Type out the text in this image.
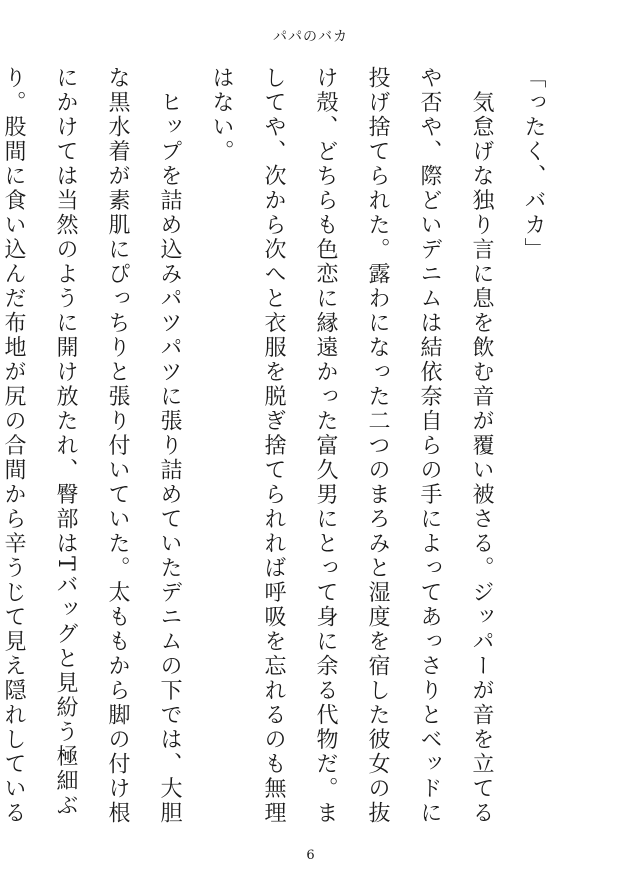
パパのバカ

「ったく、バカ」

　気怠げな独り言に息を飲む音が覆い被さる。ジッパーが音を立てるや否や、際どいデニムは結依奈自らの手によってあっさりとベッドに投げ捨てられた。露わになった二つのまろみと湿度を宿した彼女の抜け殻、どちらも色恋に縁遠かった富久男にとって身に余る代物だ。ましてや、次から次へと衣服を脱ぎ捨てられれば呼吸を忘れるのも無理はない。

　ヒップを詰め込みパツパツに張り詰めていたデニムの下では、大胆な黒水着が素肌にぴっちりと張り付いていた。太ももから脚の付け根にかけては当然のように開け放たれ、臀部はTバッグと見紛う極細ぶり。股間に食い込んだ布地が尻の合間から辛うじて見え隠れしている

6
